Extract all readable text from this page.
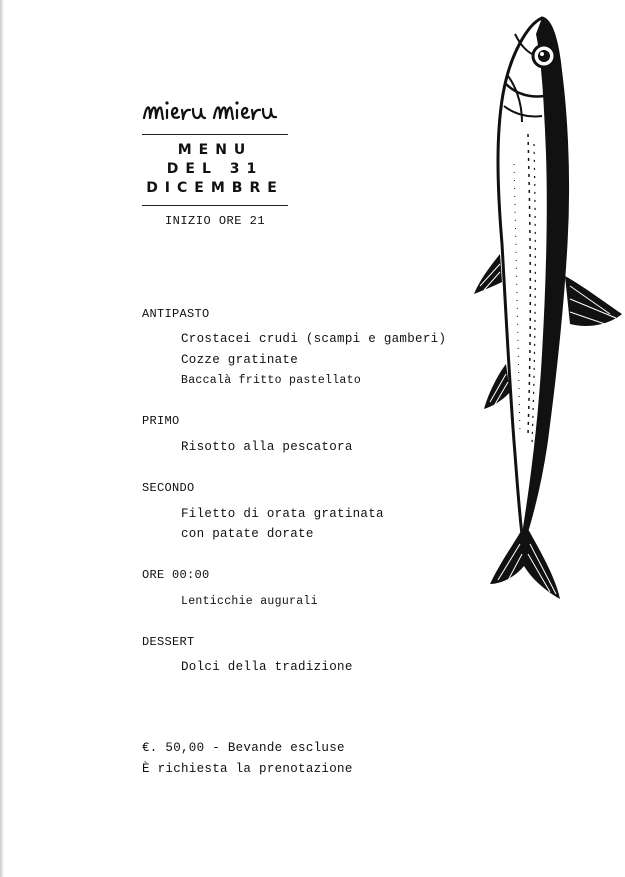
MENU
DEL 31
DICEMBRE
INIZIO ORE 21
ANTIPASTO
Crostacei crudi (scampi e gamberi)
Cozze gratinate
Baccalà fritto pastellato
PRIMO
Risotto alla pescatora
SECONDO
Filetto di orata gratinata
con patate dorate
ORE 00:00
Lenticchie augurali
DESSERT
Dolci della tradizione
€. 50,00 - Bevande escluse
È richiesta la prenotazione
